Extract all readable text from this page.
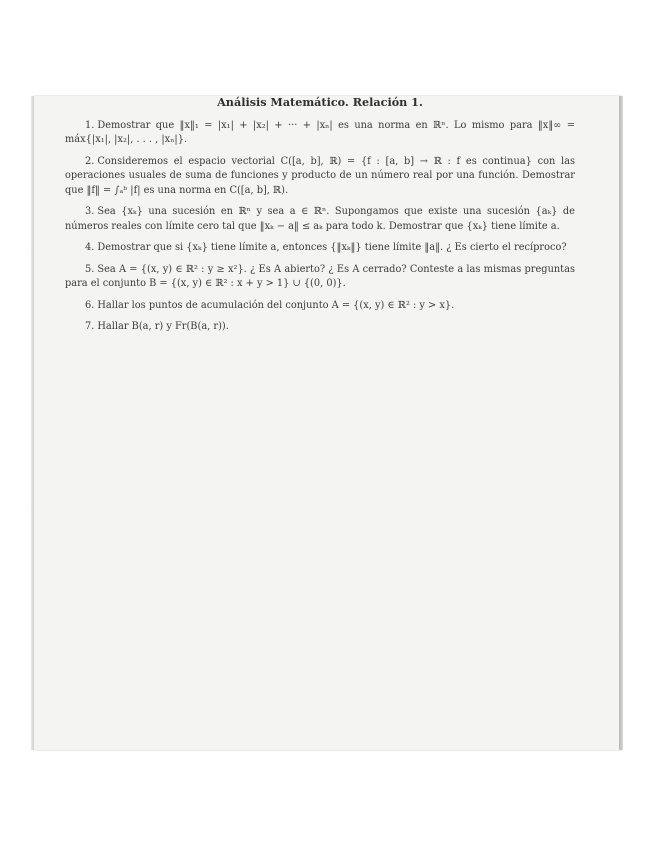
Análisis Matemático. Relación 1.

1. Demostrar que ‖x‖₁ = |x₁| + |x₂| + ··· + |xₙ| es una norma en ℝⁿ. Lo mismo para ‖x‖∞ = máx{|x₁|, |x₂|, . . . , |xₙ|}.

2. Consideremos el espacio vectorial C([a, b], ℝ) = {f : [a, b] → ℝ : f es continua} con las operaciones usuales de suma de funciones y producto de un número real por una función. Demostrar que ‖f‖ = ∫ₐᵇ |f| es una norma en C([a, b], ℝ).

3. Sea {xₖ} una sucesión en ℝⁿ y sea a ∈ ℝⁿ. Supongamos que existe una sucesión {aₖ} de números reales con límite cero tal que ‖xₖ − a‖ ≤ aₖ para todo k. Demostrar que {xₖ} tiene límite a.

4. Demostrar que si {xₖ} tiene límite a, entonces {‖xₖ‖} tiene límite ‖a‖. ¿ Es cierto el recíproco?

5. Sea A = {(x, y) ∈ ℝ² : y ≥ x²}. ¿ Es A abierto? ¿ Es A cerrado? Conteste a las mismas preguntas para el conjunto B = {(x, y) ∈ ℝ² : x + y > 1} ∪ {(0, 0)}.

6. Hallar los puntos de acumulación del conjunto A = {(x, y) ∈ ℝ² : y > x}.

7. Hallar B(a, r) y Fr(B(a, r)).
